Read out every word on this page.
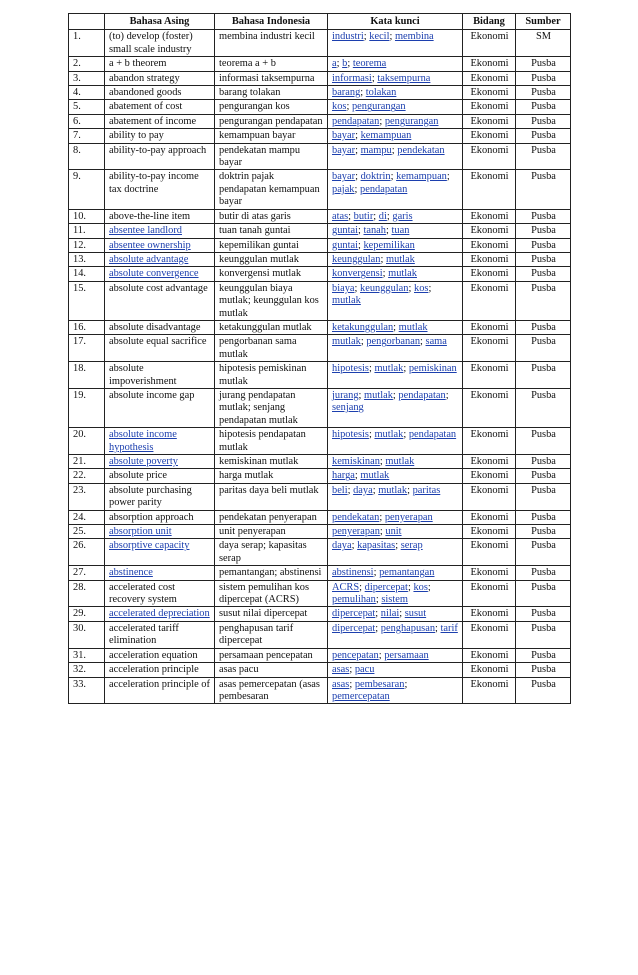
	Bahasa Asing	Bahasa Indonesia	Kata kunci	Bidang	Sumber
1.	(to) develop (foster) small scale industry	membina industri kecil	industri; kecil; membina	Ekonomi	SM
2.	a + b theorem	teorema a + b	a; b; teorema	Ekonomi	Pusba
3.	abandon strategy	informasi taksempurna	informasi; taksempurna	Ekonomi	Pusba
4.	abandoned goods	barang tolakan	barang; tolakan	Ekonomi	Pusba
5.	abatement of cost	pengurangan kos	kos; pengurangan	Ekonomi	Pusba
6.	abatement of income	pengurangan pendapatan	pendapatan; pengurangan	Ekonomi	Pusba
7.	ability to pay	kemampuan bayar	bayar; kemampuan	Ekonomi	Pusba
8.	ability-to-pay approach	pendekatan mampu bayar	bayar; mampu; pendekatan	Ekonomi	Pusba
9.	ability-to-pay income tax doctrine	doktrin pajak pendapatan kemampuan bayar	bayar; doktrin; kemampuan; pajak; pendapatan	Ekonomi	Pusba
10.	above-the-line item	butir di atas garis	atas; butir; di; garis	Ekonomi	Pusba
11.	absentee landlord	tuan tanah guntai	guntai; tanah; tuan	Ekonomi	Pusba
12.	absentee ownership	kepemilikan guntai	guntai; kepemilikan	Ekonomi	Pusba
13.	absolute advantage	keunggulan mutlak	keunggulan; mutlak	Ekonomi	Pusba
14.	absolute convergence	konvergensi mutlak	konvergensi; mutlak	Ekonomi	Pusba
15.	absolute cost advantage	keunggulan biaya mutlak; keunggulan kos mutlak	biaya; keunggulan; kos; mutlak	Ekonomi	Pusba
16.	absolute disadvantage	ketakunggulan mutlak	ketakunggulan; mutlak	Ekonomi	Pusba
17.	absolute equal sacrifice	pengorbanan sama mutlak	mutlak; pengorbanan; sama	Ekonomi	Pusba
18.	absolute impoverishment	hipotesis pemiskinan mutlak	hipotesis; mutlak; pemiskinan	Ekonomi	Pusba
19.	absolute income gap	jurang pendapatan mutlak; senjang pendapatan mutlak	jurang; mutlak; pendapatan; senjang	Ekonomi	Pusba
20.	absolute income hypothesis	hipotesis pendapatan mutlak	hipotesis; mutlak; pendapatan	Ekonomi	Pusba
21.	absolute poverty	kemiskinan mutlak	kemiskinan; mutlak	Ekonomi	Pusba
22.	absolute price	harga mutlak	harga; mutlak	Ekonomi	Pusba
23.	absolute purchasing power parity	paritas daya beli mutlak	beli; daya; mutlak; paritas	Ekonomi	Pusba
24.	absorption approach	pendekatan penyerapan	pendekatan; penyerapan	Ekonomi	Pusba
25.	absorption unit	unit penyerapan	penyerapan; unit	Ekonomi	Pusba
26.	absorptive capacity	daya serap; kapasitas serap	daya; kapasitas; serap	Ekonomi	Pusba
27.	abstinence	pemantangan; abstinensi	abstinensi; pemantangan	Ekonomi	Pusba
28.	accelerated cost recovery system	sistem pemulihan kos dipercepat (ACRS)	ACRS; dipercepat; kos; pemulihan; sistem	Ekonomi	Pusba
29.	accelerated depreciation	susut nilai dipercepat	dipercepat; nilai; susut	Ekonomi	Pusba
30.	accelerated tariff elimination	penghapusan tarif dipercepat	dipercepat; penghapusan; tarif	Ekonomi	Pusba
31.	acceleration equation	persamaan pencepatan	pencepatan; persamaan	Ekonomi	Pusba
32.	acceleration principle	asas pacu	asas; pacu	Ekonomi	Pusba
33.	acceleration principle of	asas pemercepatan (asas pembesaran	asas; pembesaran; pemercepatan	Ekonomi	Pusba
